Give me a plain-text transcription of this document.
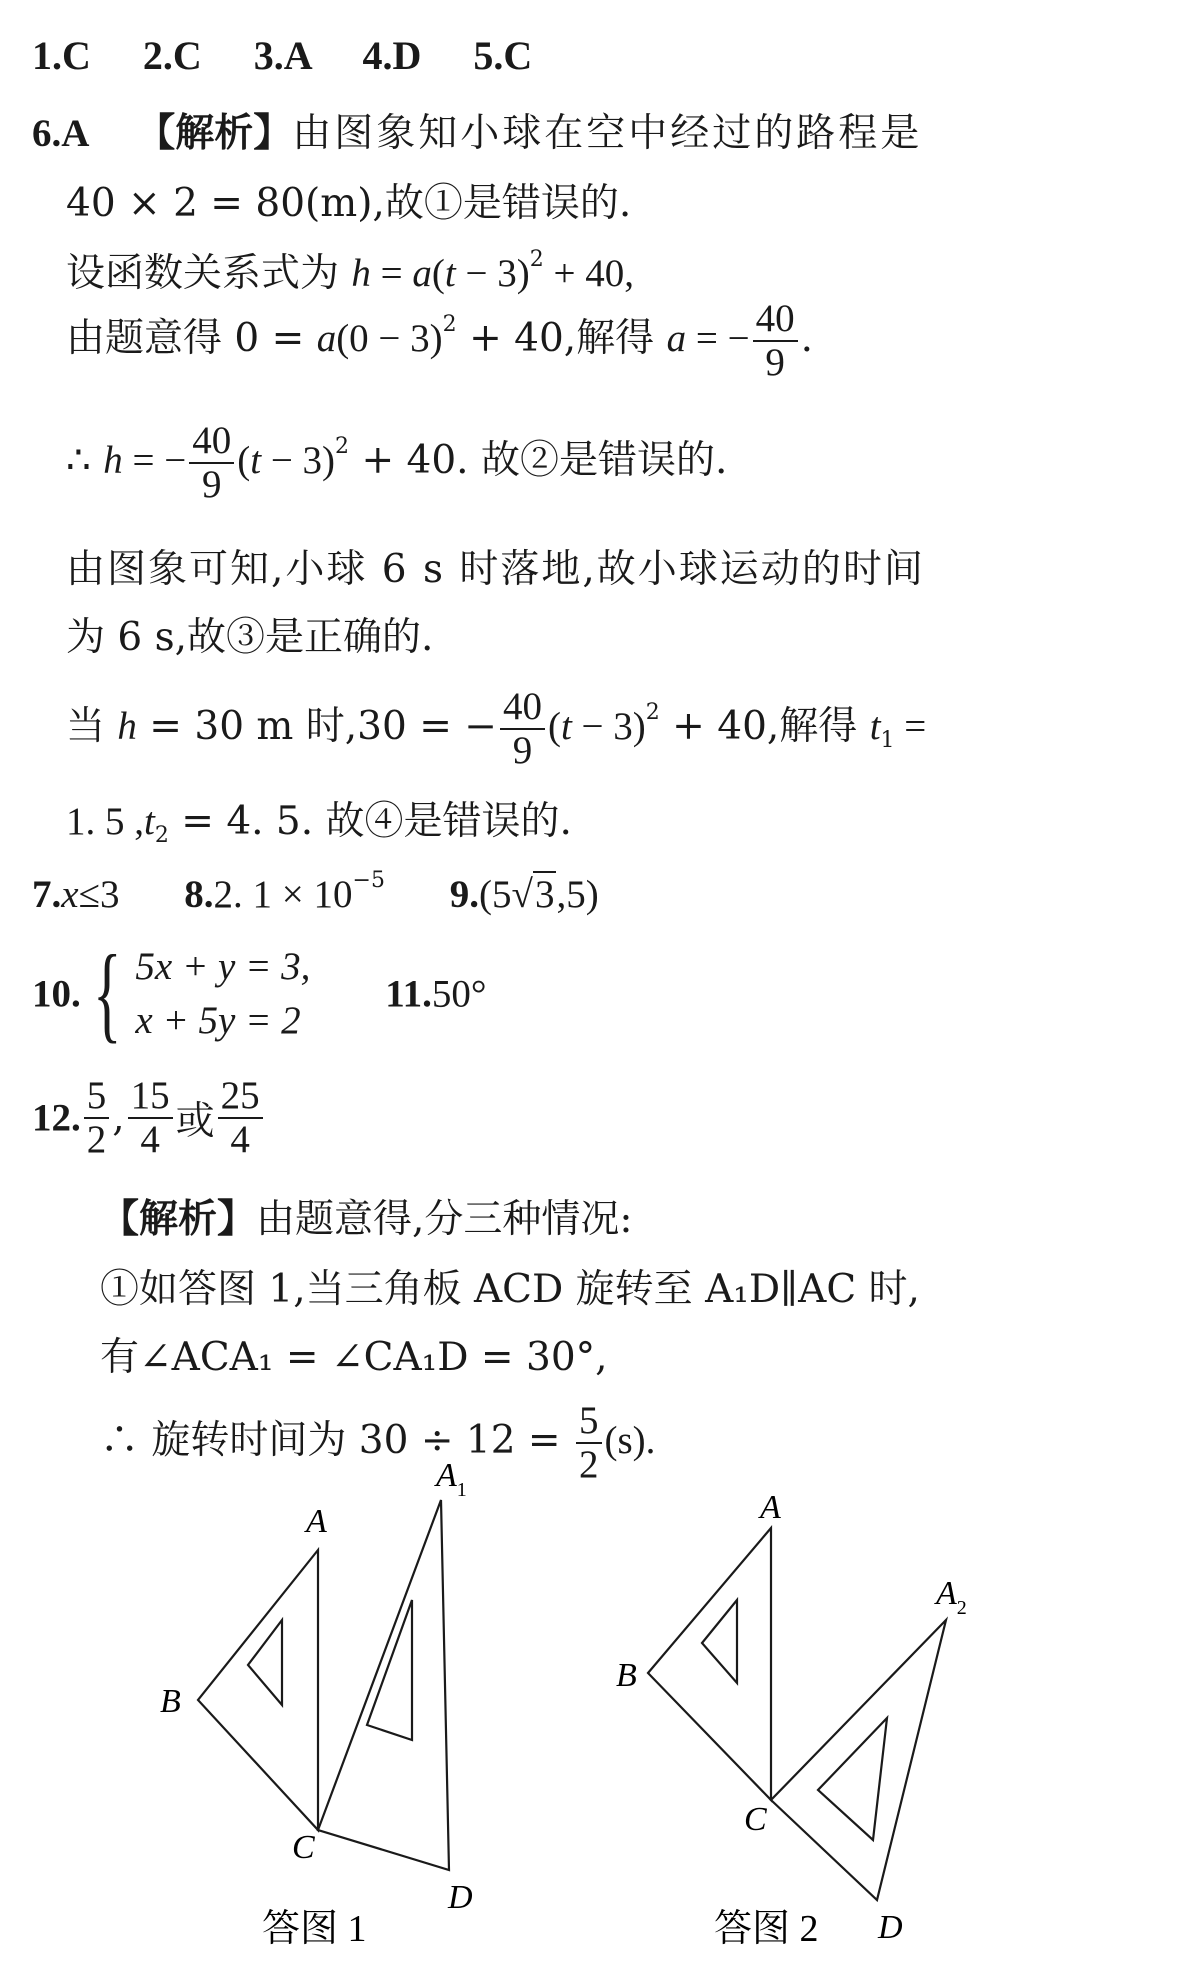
1.C 2.C 3.A 4.D 5.C
6.A 【解析】由图象知小球在空中经过的路程是
40 × 2 = 80(m),故①是错误的.
设函数关系式为 $h = a(t - 3)^2 + 40$,
由题意得 $0 = a(0 - 3)^2 + 40$,解得 a = − $\frac{40}{9}$ .
∴ h = − $\frac{40}{9} (t - 3)^2 + 40$. 故②是错误的.
由图象可知,小球 6 s 时落地,故小球运动的时间
为 6 s,故③是正确的.
当 h = 30 m 时,30 = − $\frac{40}{9} (t - 3)^2 + 40$,解得 $t_1$ =
1. 5 $,t_2 = 4$. 5. 故④是错误的.
7.x≤3 8.2. $1 \times 10^{-5}$ 9.(5√3,5)
10. { 5x + y = 3,
x + 5y = 2
11.50°
12. $\frac{5}{2}$ , $\frac{15}{4}$ 或 $\frac{25}{4}$
【解析】由题意得,分三种情况:
①如答图 1,当三角板 ACD 旋转至 A₁D∥AC 时,
有∠ACA₁ = ∠CA₁D = 30°,
∴ 旋转时间为 $30 \div 12 = \frac{5}{2} (s)$.
A
$A_1$
B
C
D
答图 1
A
$A_2$
B
C
D
答图 2
